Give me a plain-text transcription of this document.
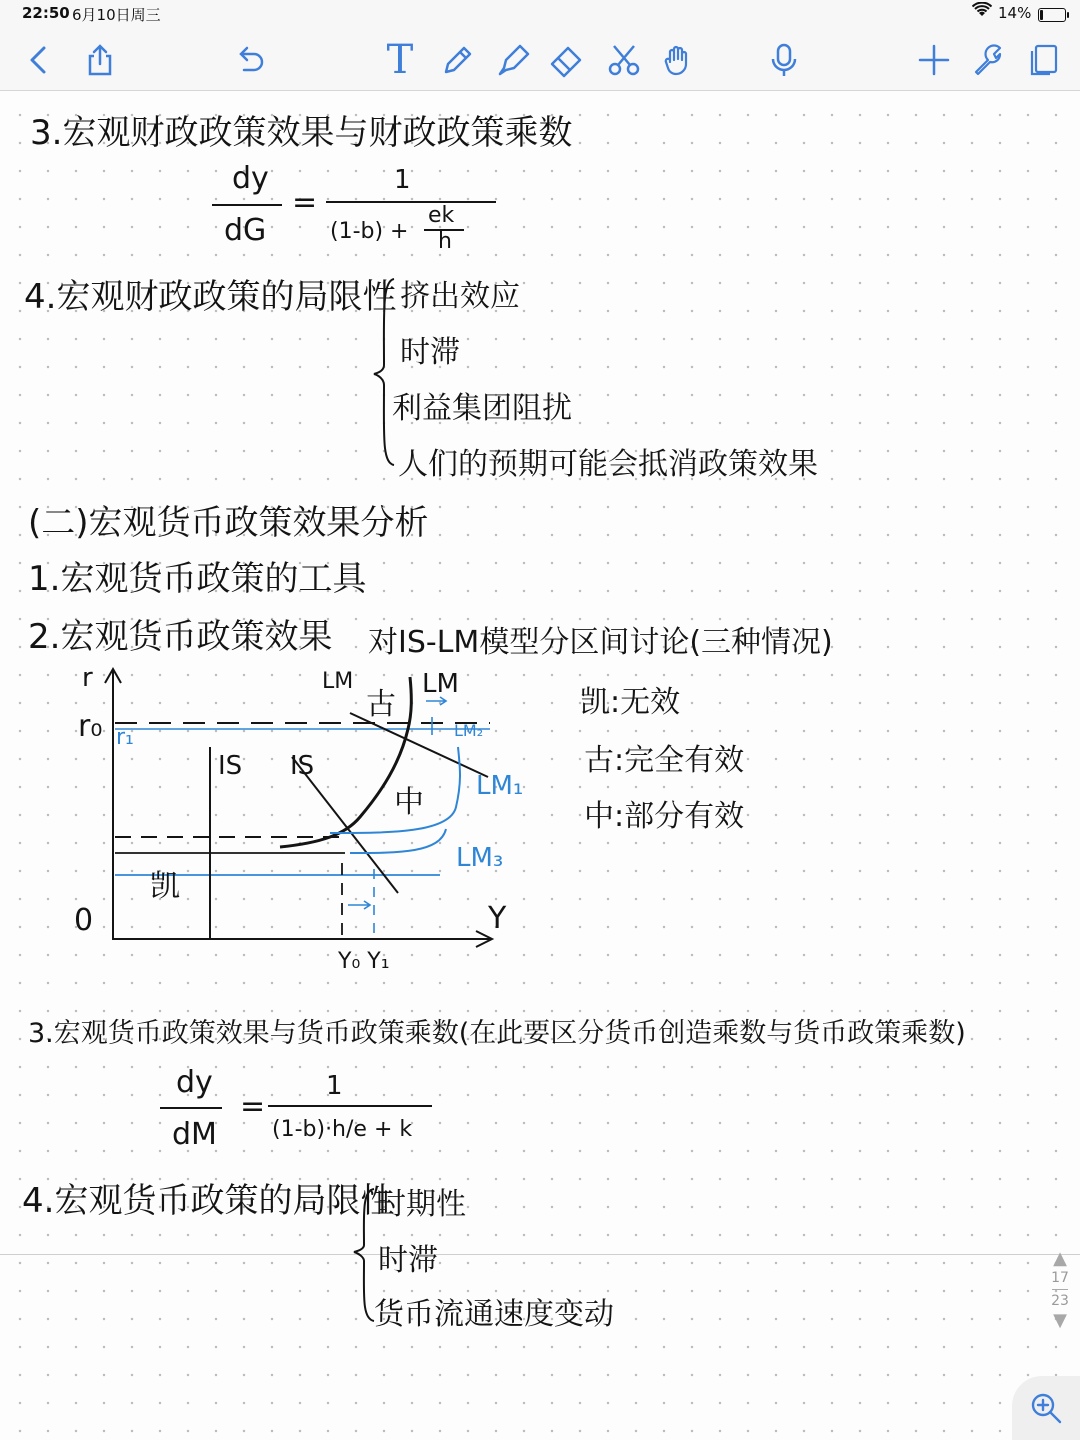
22:50 6月10日周三	14%
T
3.宏观财政政策效果与财政政策乘数
dy
dG
=
1
(1-b) +
ek
h
4.宏观财政政策的局限性 挤出效应
时滞
利益集团阻扰
人们的预期可能会抵消政策效果
(二)宏观货币政策效果分析
1.宏观货币政策的工具
2.宏观货币政策效果 对IS-LM模型分区间讨论(三种情况)
r
r₀ r₁
0	Y
Y₀ Y₁
IS IS
LM	LM
LM₂
LM₁
LM₃
凯
古
中
凯:无效
古:完全有效
中:部分有效
3.宏观货币政策效果与货币政策乘数(在此要区分货币创造乘数与货币政策乘数)
dy
dM
=
1
(1-b)·h/e + k
4.宏观货币政策的局限性
时期性
时滞
货币流通速度变动
▲
17
23
▼
